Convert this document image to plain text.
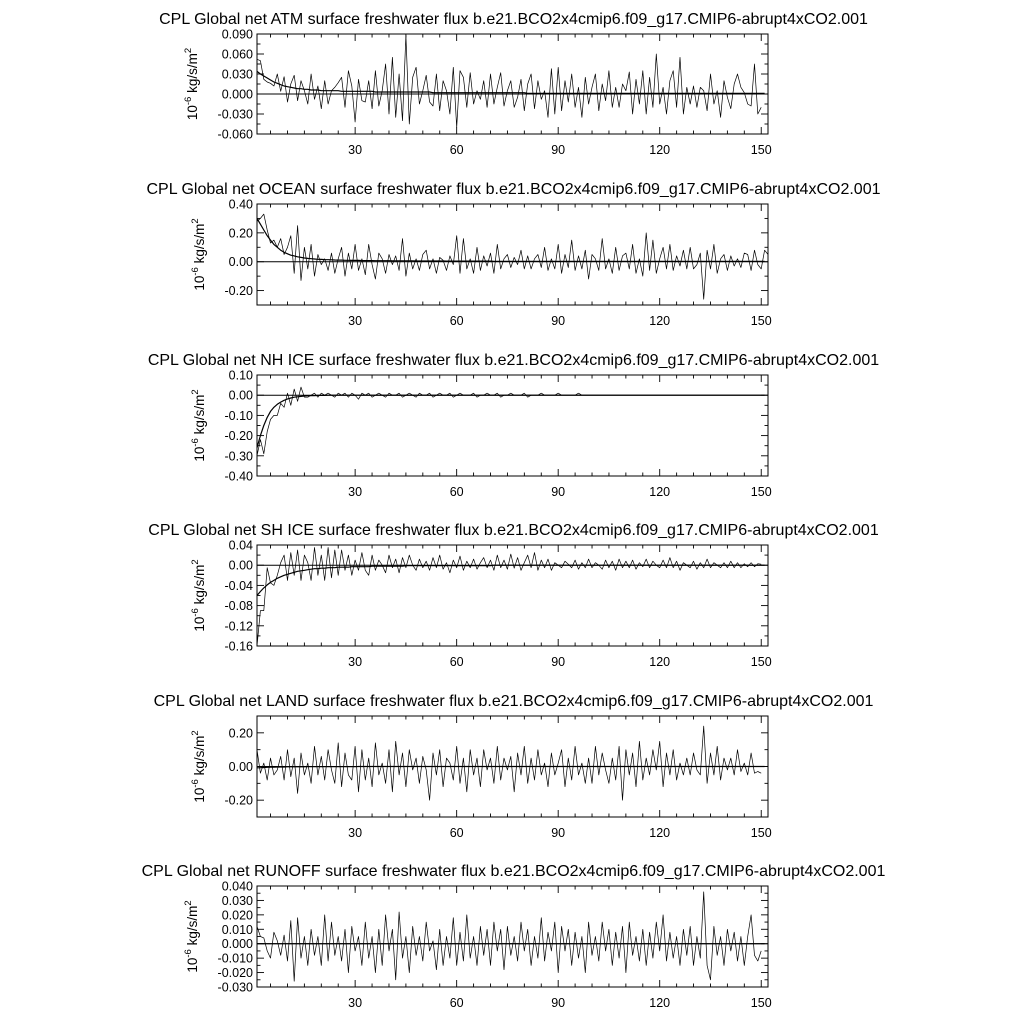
CPL Global net ATM surface freshwater flux b.e21.BCO2x4cmip6.f09_g17.CMIP6-abrupt4xCO2.001
30	60	90	120	150
-0.060
-0.030
0.000
0.030
0.060
0.090
$10^{-6}$ $kg/s/m^2$
CPL Global net OCEAN surface freshwater flux b.e21.BCO2x4cmip6.f09_g17.CMIP6-abrupt4xCO2.001
30	60	90	120	150
-0.20
0.00
0.20
0.40
$10^{-6}$ $kg/s/m^2$
CPL Global net NH ICE surface freshwater flux b.e21.BCO2x4cmip6.f09_g17.CMIP6-abrupt4xCO2.001
30	60	90	120	150
-0.40
-0.30
-0.20
-0.10
0.00
0.10
$10^{-6}$ $kg/s/m^2$
CPL Global net SH ICE surface freshwater flux b.e21.BCO2x4cmip6.f09_g17.CMIP6-abrupt4xCO2.001
30	60	90	120	150
-0.16
-0.12
-0.08
-0.04
0.00
0.04
$10^{-6}$ $kg/s/m^2$
CPL Global net LAND surface freshwater flux b.e21.BCO2x4cmip6.f09_g17.CMIP6-abrupt4xCO2.001
30	60	90	120	150
-0.20
0.00
0.20
$10^{-6}$ $kg/s/m^2$
CPL Global net RUNOFF surface freshwater flux b.e21.BCO2x4cmip6.f09_g17.CMIP6-abrupt4xCO2.001
30	60	90	120	150
-0.030
-0.020
-0.010
0.000
0.010
0.020
0.030
0.040
$10^{-6}$ $kg/s/m^2$
